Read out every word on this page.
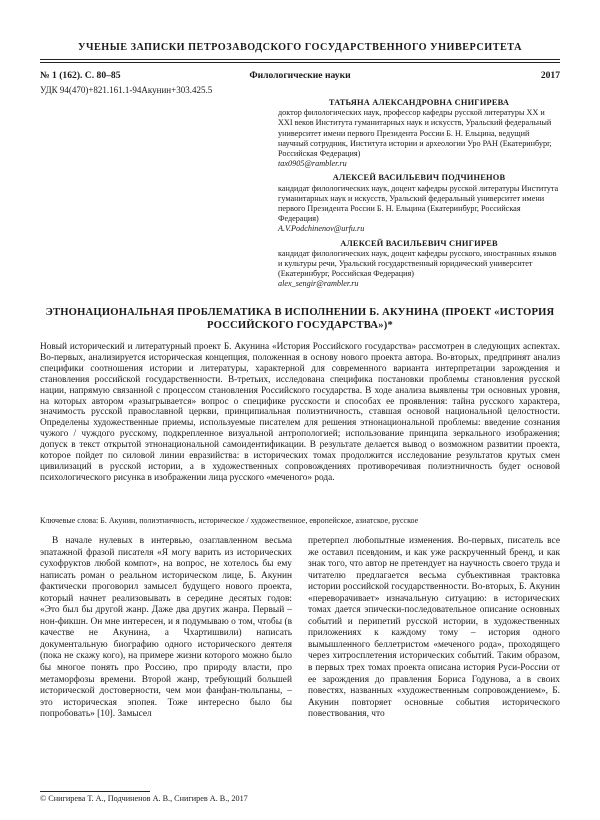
УЧЕНЫЕ ЗАПИСКИ ПЕТРОЗАВОДСКОГО ГОСУДАРСТВЕННОГО УНИВЕРСИТЕТА
Филологические науки
№ 1 (162). С. 80–85	2017
УДК 94(470)+821.161.1-94Акунин+303.425.5
ТАТЬЯНА АЛЕКСАНДРОВНА СНИГИРЕВА
доктор филологических наук, профессор кафедры русской литературы XX и XXI веков Института гуманитарных наук и искусств, Уральский федеральный университет имени первого Президента России Б. Н. Ельцина, ведущий научный сотрудник, Института истории и археологии Уро РАН (Екатеринбург, Российская Федерация)
tax0905@rambler.ru
АЛЕКСЕЙ ВАСИЛЬЕВИЧ ПОДЧИНЕНОВ
кандидат филологических наук, доцент кафедры русской литературы Института гуманитарных наук и искусств, Уральский федеральный университет имени первого Президента России Б. Н. Ельцина (Екатеринбург, Российская Федерация)
A.V.Podchinenov@urfu.ru
АЛЕКСЕЙ ВАСИЛЬЕВИЧ СНИГИРЕВ
кандидат филологических наук, доцент кафедры русского, иностранных языков и культуры речи, Уральский государственный юридический университет (Екатеринбург, Российская Федерация)
alex_sengir@rambler.ru
ЭТНОНАЦИОНАЛЬНАЯ ПРОБЛЕМАТИКА В ИСПОЛНЕНИИ Б. АКУНИНА (ПРОЕКТ «ИСТОРИЯ РОССИЙСКОГО ГОСУДАРСТВА»)*
Новый исторический и литературный проект Б. Акунина «История Российского государства» рассмотрен в следующих аспектах. Во-первых, анализируется историческая концепция, положенная в основу нового проекта автора. Во-вторых, предпринят анализ специфики соотношения истории и литературы, характерной для современного варианта интерпретации зарождения и становления российской государственности. В-третьих, исследована специфика постановки проблемы становления русской нации, напрямую связанной с процессом становления Российского государства. В ходе анализа выявлены три основных уровня, на которых автором «разыгрывается» вопрос о специфике русскости и способах ее проявления: тайна русского характера, значимость русской православной церкви, принципиальная полиэтничность, ставшая основой национальной целостности. Определены художественные приемы, используемые писателем для решения этнонациональной проблемы: введение сознания чужого / чуждого русскому, подкрепленное визуальной антропологией; использование принципа зеркального изображения; допуск в текст открытой этнонациональной самоидентификации. В результате делается вывод о возможном развитии проекта, которое пойдет по силовой линии евразийства: в исторических томах продолжится исследование результатов крутых смен цивилизаций в русской истории, а в художественных сопровождениях противоречивая полиэтничность будет основой психологического рисунка в изображении лица русского «меченого» рода.
Ключевые слова: Б. Акунин, полиэтничность, историческое / художественное, европейское, азиатское, русское
В начале нулевых в интервью, озаглавленном весьма эпатажной фразой писателя «Я могу варить из исторических сухофруктов любой компот», на вопрос, не хотелось бы ему написать роман о реальном историческом лице, Б. Акунин фактически проговорил замысел будущего нового проекта, который начнет реализовывать в середине десятых годов: «Это был бы другой жанр. Даже два других жанра. Первый – нон-фикшн. Он мне интересен, и я подумываю о том, чтобы (в качестве не Акунина, а Чхартишвили) написать документальную биографию одного исторического деятеля (пока не скажу кого), на примере жизни которого можно было бы многое понять про Россию, про природу власти, про метаморфозы времени. Второй жанр, требующий большей исторической достоверности, чем мои фанфан-тюльпаны, – это историческая эпопея. Тоже интересно было бы попробовать» [10]. Замысел
претерпел любопытные изменения. Во-первых, писатель все же оставил псевдоним, и как уже раскрученный бренд, и как знак того, что автор не претендует на научность своего труда и читателю предлагается весьма субъективная трактовка истории российской государственности. Во-вторых, Б. Акунин «переворачивает» изначальную ситуацию: в исторических томах дается эпически-последовательное описание основных событий и перипетий русской истории, в художественных приложениях к каждому тому – история одного вымышленного беллетристом «меченого рода», проходящего через хитросплетения исторических событий. Таким образом, в первых трех томах проекта описана история Руси-России от ее зарождения до правления Бориса Годунова, а в своих повестях, названных «художественным сопровождением», Б. Акунин повторяет основные события исторического повествования, что
© Снигирева Т. А., Подчиненов А. В., Снигирев А. В., 2017
